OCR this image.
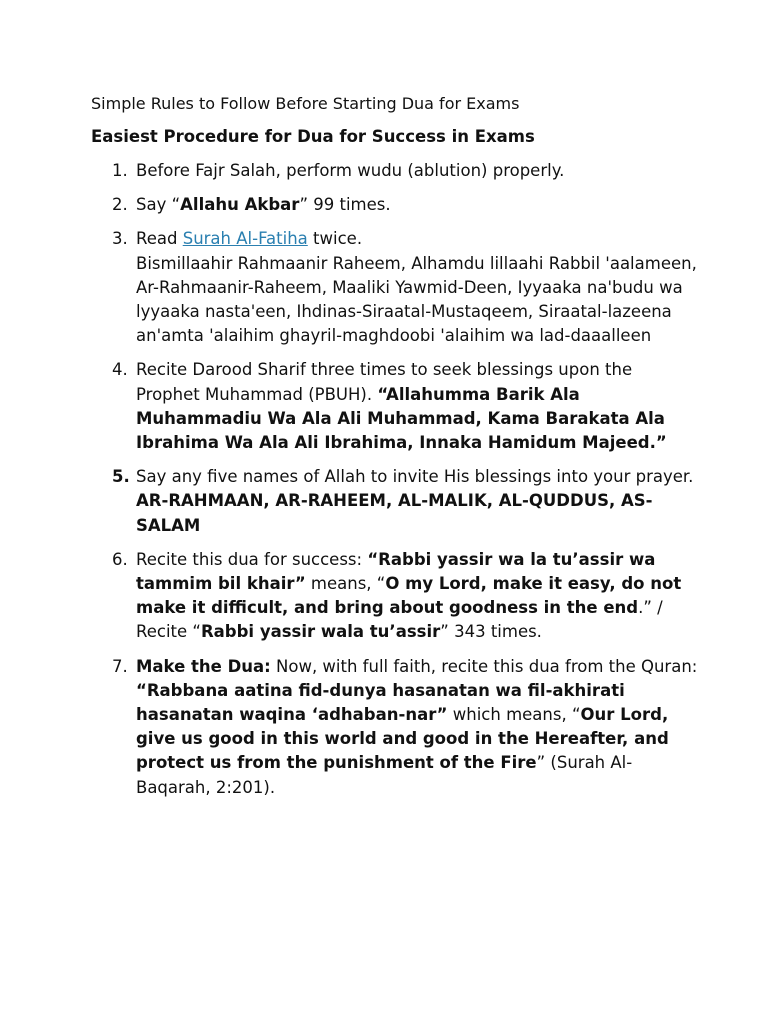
Simple Rules to Follow Before Starting Dua for Exams

Easiest Procedure for Dua for Success in Exams

1. Before Fajr Salah, perform wudu (ablution) properly.
2. Say “Allahu Akbar” 99 times.
3. Read Surah Al-Fatiha twice.
Bismillaahir Rahmaanir Raheem, Alhamdu lillaahi Rabbil 'aalameen, Ar-Rahmaanir-Raheem, Maaliki Yawmid-Deen, Iyyaaka na'budu wa lyyaaka nasta'een, Ihdinas-Siraatal-Mustaqeem, Siraatal-lazeena an'amta 'alaihim ghayril-maghdoobi 'alaihim wa lad-daaalleen
4. Recite Darood Sharif three times to seek blessings upon the Prophet Muhammad (PBUH). “Allahumma Barik Ala Muhammadiu Wa Ala Ali Muhammad, Kama Barakata Ala Ibrahima Wa Ala Ali Ibrahima, Innaka Hamidum Majeed.”
5. Say any five names of Allah to invite His blessings into your prayer. AR-RAHMAAN, AR-RAHEEM, AL-MALIK, AL-QUDDUS, AS-SALAM
6. Recite this dua for success: “Rabbi yassir wa la tu’assir wa tammim bil khair” means, “O my Lord, make it easy, do not make it difficult, and bring about goodness in the end.” / Recite “Rabbi yassir wala tu’assir” 343 times.
7. Make the Dua: Now, with full faith, recite this dua from the Quran: “Rabbana aatina fid-dunya hasanatan wa fil-akhirati hasanatan waqina ‘adhaban-nar” which means, “Our Lord, give us good in this world and good in the Hereafter, and protect us from the punishment of the Fire” (Surah Al-Baqarah, 2:201).
